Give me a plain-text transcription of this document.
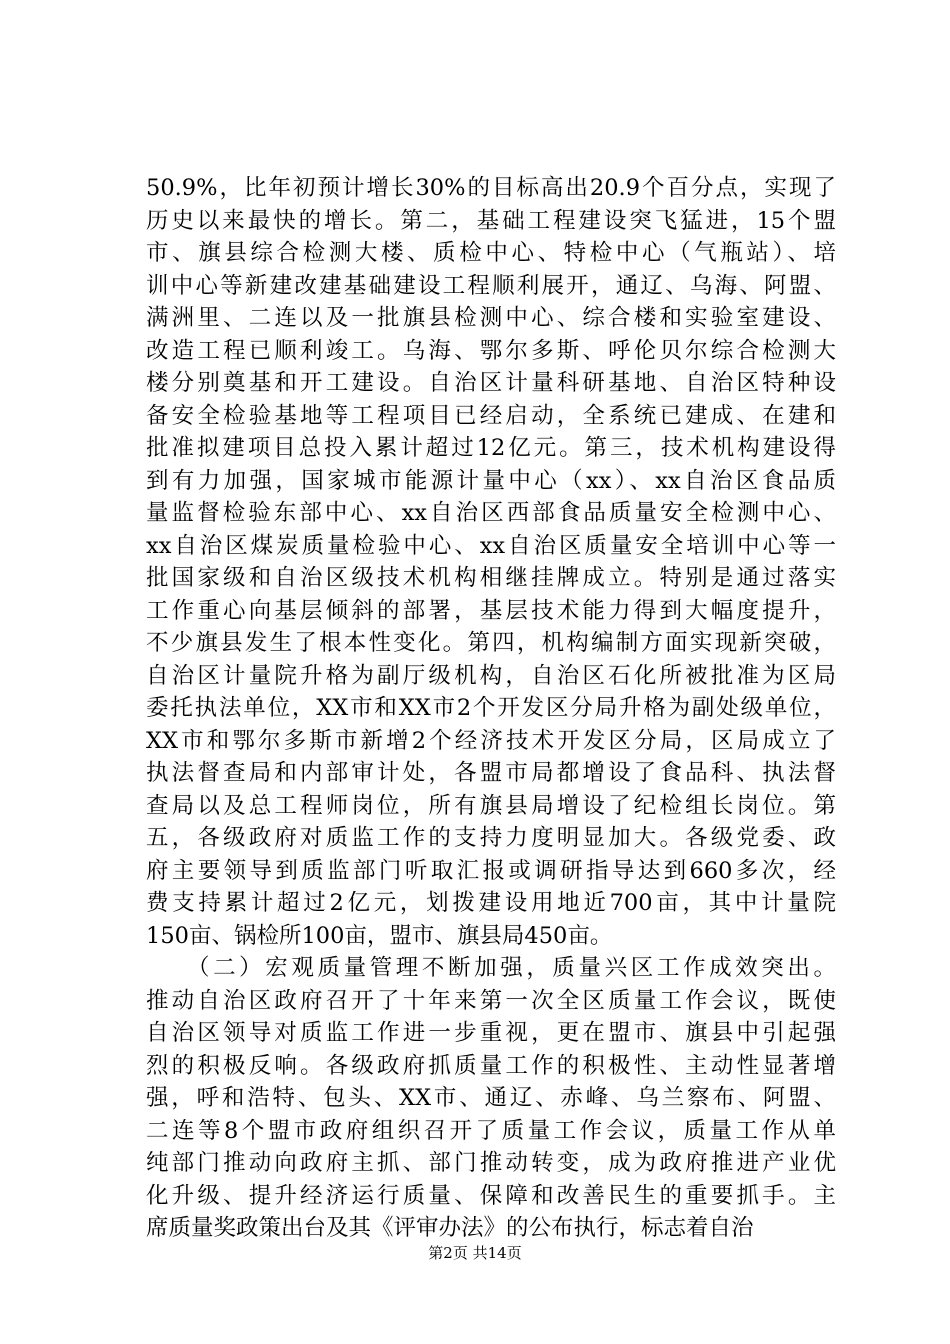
50.9%，比年初预计增长30%的目标高出20.9个百分点，实现了
历史以来最快的增长。第二，基础工程建设突飞猛进，15个盟
市、旗县综合检测大楼、质检中心、特检中心（气瓶站）、培
训中心等新建改建基础建设工程顺利展开，通辽、乌海、阿盟、
满洲里、二连以及一批旗县检测中心、综合楼和实验室建设、
改造工程已顺利竣工。乌海、鄂尔多斯、呼伦贝尔综合检测大
楼分别奠基和开工建设。自治区计量科研基地、自治区特种设
备安全检验基地等工程项目已经启动，全系统已建成、在建和
批准拟建项目总投入累计超过12亿元。第三，技术机构建设得
到有力加强，国家城市能源计量中心（xx）、xx自治区食品质
量监督检验东部中心、xx自治区西部食品质量安全检测中心、
xx自治区煤炭质量检验中心、xx自治区质量安全培训中心等一
批国家级和自治区级技术机构相继挂牌成立。特别是通过落实
工作重心向基层倾斜的部署，基层技术能力得到大幅度提升，
不少旗县发生了根本性变化。第四，机构编制方面实现新突破，
自治区计量院升格为副厅级机构，自治区石化所被批准为区局
委托执法单位，XX市和XX市2个开发区分局升格为副处级单位，
XX市和鄂尔多斯市新增2个经济技术开发区分局，区局成立了
执法督查局和内部审计处，各盟市局都增设了食品科、执法督
查局以及总工程师岗位，所有旗县局增设了纪检组长岗位。第
五，各级政府对质监工作的支持力度明显加大。各级党委、政
府主要领导到质监部门听取汇报或调研指导达到660多次，经
费支持累计超过2亿元，划拨建设用地近700亩，其中计量院
150亩、锅检所100亩，盟市、旗县局450亩。
　　（二）宏观质量管理不断加强，质量兴区工作成效突出。
推动自治区政府召开了十年来第一次全区质量工作会议，既使
自治区领导对质监工作进一步重视，更在盟市、旗县中引起强
烈的积极反响。各级政府抓质量工作的积极性、主动性显著增
强，呼和浩特、包头、XX市、通辽、赤峰、乌兰察布、阿盟、
二连等8个盟市政府组织召开了质量工作会议，质量工作从单
纯部门推动向政府主抓、部门推动转变，成为政府推进产业优
化升级、提升经济运行质量、保障和改善民生的重要抓手。主
席质量奖政策出台及其《评审办法》的公布执行，标志着自治
第2页 共14页
